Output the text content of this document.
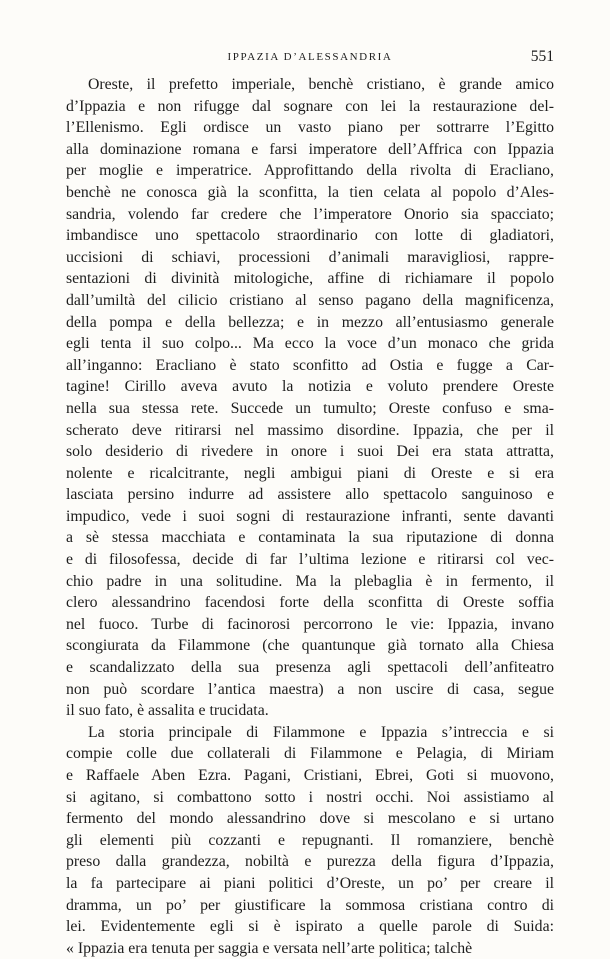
IPPAZIA D’ALESSANDRIA	551
Oreste, il prefetto imperiale, benchè cristiano, è grande amico
d’Ippazia e non rifugge dal sognare con lei la restaurazione del-
l’Ellenismo. Egli ordisce un vasto piano per sottrarre l’Egitto
alla dominazione romana e farsi imperatore dell’Affrica con Ippazia
per moglie e imperatrice. Approfittando della rivolta di Eracliano,
benchè ne conosca già la sconfitta, la tien celata al popolo d’Ales-
sandria, volendo far credere che l’imperatore Onorio sia spacciato;
imbandisce uno spettacolo straordinario con lotte di gladiatori,
uccisioni di schiavi, processioni d’animali maravigliosi, rappre-
sentazioni di divinità mitologiche, affine di richiamare il popolo
dall’umiltà del cilicio cristiano al senso pagano della magnificenza,
della pompa e della bellezza; e in mezzo all’entusiasmo generale
egli tenta il suo colpo... Ma ecco la voce d’un monaco che grida
all’inganno: Eracliano è stato sconfitto ad Ostia e fugge a Car-
tagine! Cirillo aveva avuto la notizia e voluto prendere Oreste
nella sua stessa rete. Succede un tumulto; Oreste confuso e sma-
scherato deve ritirarsi nel massimo disordine. Ippazia, che per il
solo desiderio di rivedere in onore i suoi Dei era stata attratta,
nolente e ricalcitrante, negli ambigui piani di Oreste e si era
lasciata persino indurre ad assistere allo spettacolo sanguinoso e
impudico, vede i suoi sogni di restaurazione infranti, sente davanti
a sè stessa macchiata e contaminata la sua riputazione di donna
e di filosofessa, decide di far l’ultima lezione e ritirarsi col vec-
chio padre in una solitudine. Ma la plebaglia è in fermento, il
clero alessandrino facendosi forte della sconfitta di Oreste soffia
nel fuoco. Turbe di facinorosi percorrono le vie: Ippazia, invano
scongiurata da Filammone (che quantunque già tornato alla Chiesa
e scandalizzato della sua presenza agli spettacoli dell’anfiteatro
non può scordare l’antica maestra) a non uscire di casa, segue
il suo fato, è assalita e trucidata.
La storia principale di Filammone e Ippazia s’intreccia e si
compie colle due collaterali di Filammone e Pelagia, di Miriam
e Raffaele Aben Ezra. Pagani, Cristiani, Ebrei, Goti si muovono,
si agitano, si combattono sotto i nostri occhi. Noi assistiamo al
fermento del mondo alessandrino dove si mescolano e si urtano
gli elementi più cozzanti e repugnanti. Il romanziere, benchè
preso dalla grandezza, nobiltà e purezza della figura d’Ippazia,
la fa partecipare ai piani politici d’Oreste, un po’ per creare il
dramma, un po’ per giustificare la sommosa cristiana contro di
lei. Evidentemente egli si è ispirato a quelle parole di Suida:
« Ippazia era tenuta per saggia e versata nell’arte politica; talchè
